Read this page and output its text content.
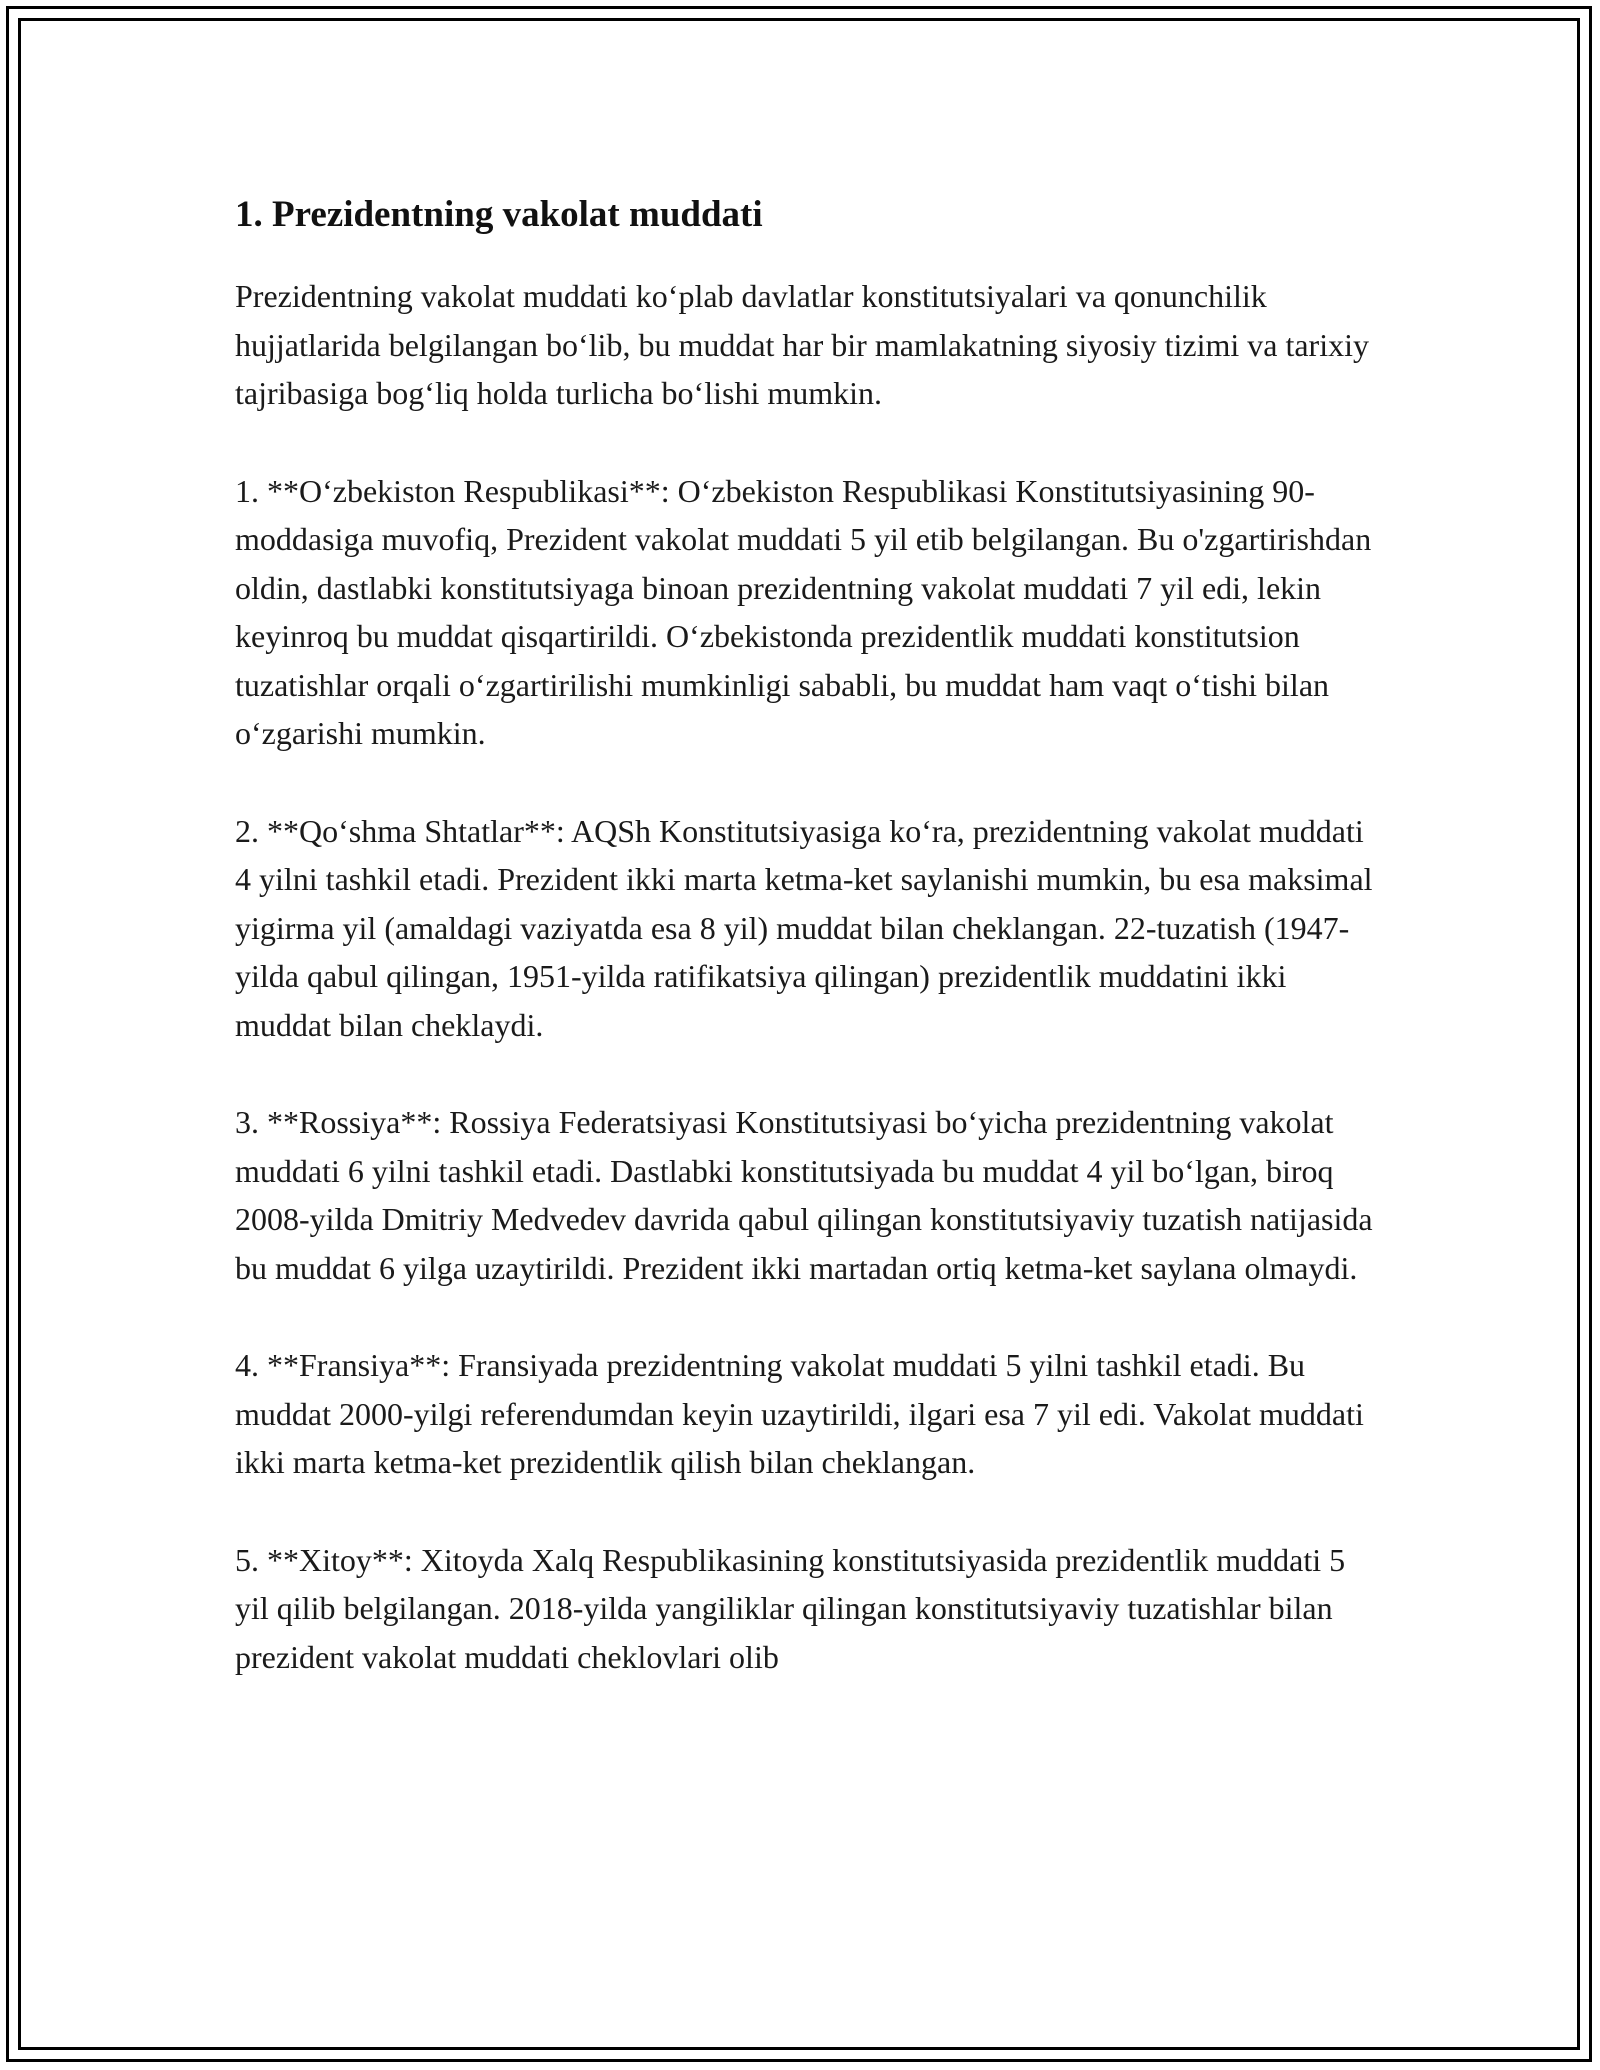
1. Prezidentning vakolat muddati

Prezidentning vakolat muddati ko‘plab davlatlar konstitutsiyalari va qonunchilik hujjatlarida belgilangan bo‘lib, bu muddat har bir mamlakatning siyosiy tizimi va tarixiy tajribasiga bog‘liq holda turlicha bo‘lishi mumkin.

1. **O‘zbekiston Respublikasi**: O‘zbekiston Respublikasi Konstitutsiyasining 90-moddasiga muvofiq, Prezident vakolat muddati 5 yil etib belgilangan. Bu o'zgartirishdan oldin, dastlabki konstitutsiyaga binoan prezidentning vakolat muddati 7 yil edi, lekin keyinroq bu muddat qisqartirildi. O‘zbekistonda prezidentlik muddati konstitutsion tuzatishlar orqali o‘zgartirilishi mumkinligi sababli, bu muddat ham vaqt o‘tishi bilan o‘zgarishi mumkin.

2. **Qo‘shma Shtatlar**: AQSh Konstitutsiyasiga ko‘ra, prezidentning vakolat muddati 4 yilni tashkil etadi. Prezident ikki marta ketma-ket saylanishi mumkin, bu esa maksimal yigirma yil (amaldagi vaziyatda esa 8 yil) muddat bilan cheklangan. 22-tuzatish (1947-yilda qabul qilingan, 1951-yilda ratifikatsiya qilingan) prezidentlik muddatini ikki muddat bilan cheklaydi.

3. **Rossiya**: Rossiya Federatsiyasi Konstitutsiyasi bo‘yicha prezidentning vakolat muddati 6 yilni tashkil etadi. Dastlabki konstitutsiyada bu muddat 4 yil bo‘lgan, biroq 2008-yilda Dmitriy Medvedev davrida qabul qilingan konstitutsiyaviy tuzatish natijasida bu muddat 6 yilga uzaytirildi. Prezident ikki martadan ortiq ketma-ket saylana olmaydi.

4. **Fransiya**: Fransiyada prezidentning vakolat muddati 5 yilni tashkil etadi. Bu muddat 2000-yilgi referendumdan keyin uzaytirildi, ilgari esa 7 yil edi. Vakolat muddati ikki marta ketma-ket prezidentlik qilish bilan cheklangan.

5. **Xitoy**: Xitoyda Xalq Respublikasining konstitutsiyasida prezidentlik muddati 5 yil qilib belgilangan. 2018-yilda yangiliklar qilingan konstitutsiyaviy tuzatishlar bilan prezident vakolat muddati cheklovlari olib
